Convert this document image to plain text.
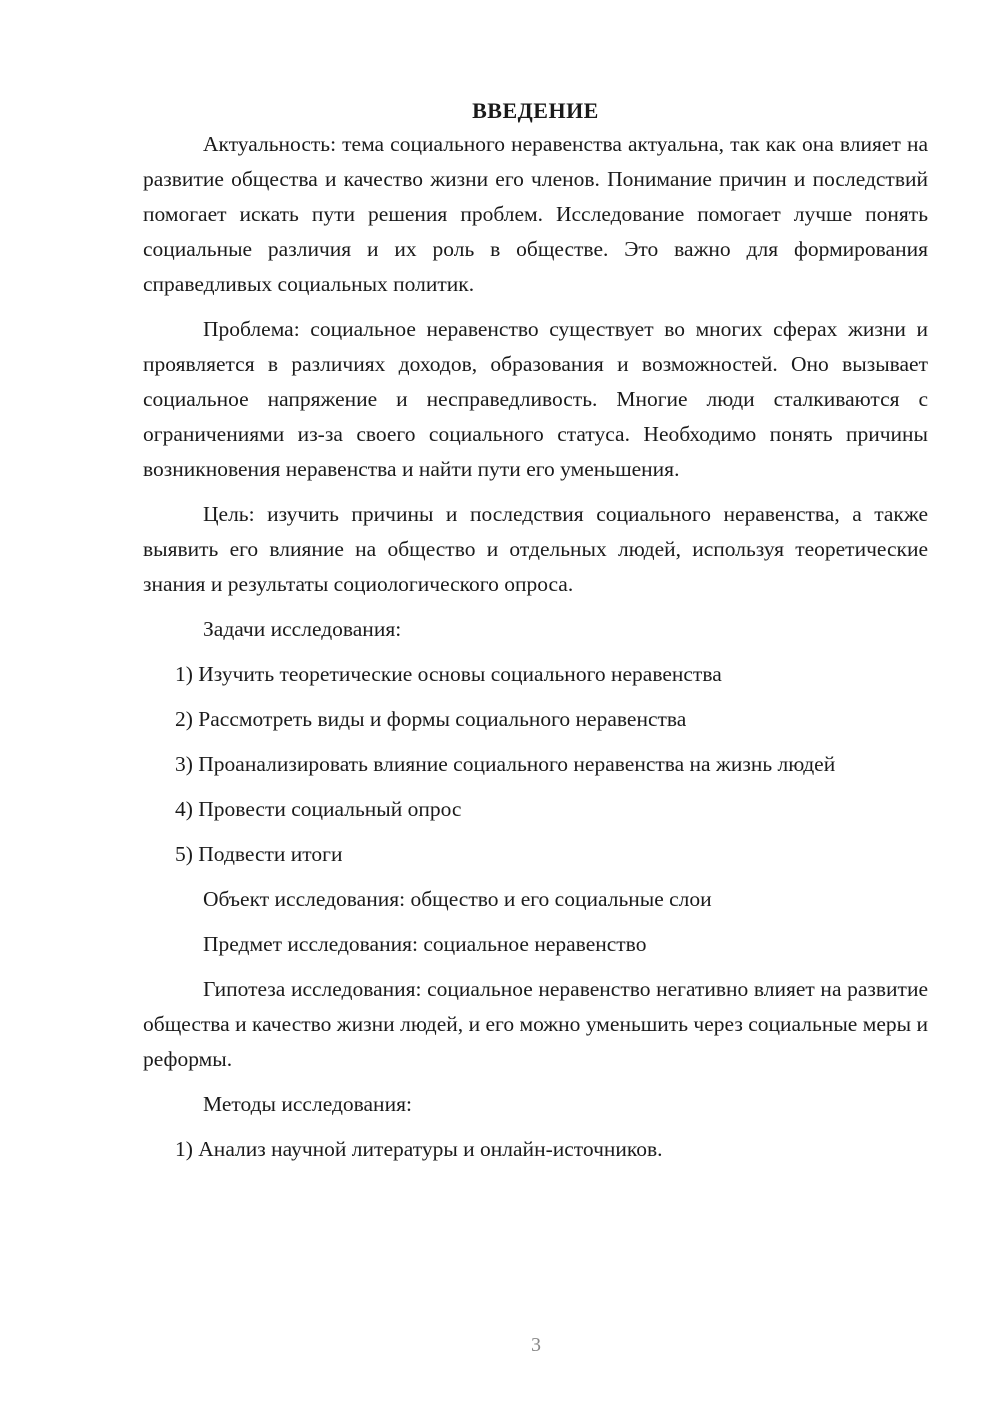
ВВЕДЕНИЕ

Актуальность: тема социального неравенства актуальна, так как она влияет на развитие общества и качество жизни его членов. Понимание причин и последствий помогает искать пути решения проблем. Исследование помогает лучше понять социальные различия и их роль в обществе. Это важно для формирования справедливых социальных политик.

Проблема: социальное неравенство существует во многих сферах жизни и проявляется в различиях доходов, образования и возможностей. Оно вызывает социальное напряжение и несправедливость. Многие люди сталкиваются с ограничениями из-за своего социального статуса. Необходимо понять причины возникновения неравенства и найти пути его уменьшения.

Цель: изучить причины и последствия социального неравенства, а также выявить его влияние на общество и отдельных людей, используя теоретические знания и результаты социологического опроса.

Задачи исследования:

1) Изучить теоретические основы социального неравенства

2) Рассмотреть виды и формы социального неравенства

3) Проанализировать влияние социального неравенства на жизнь людей

4) Провести социальный опрос

5) Подвести итоги

Объект исследования: общество и его социальные слои

Предмет исследования: социальное неравенство

Гипотеза исследования: социальное неравенство негативно влияет на развитие общества и качество жизни людей, и его можно уменьшить через социальные меры и реформы.

Методы исследования:

1) Анализ научной литературы и онлайн-источников.

3
